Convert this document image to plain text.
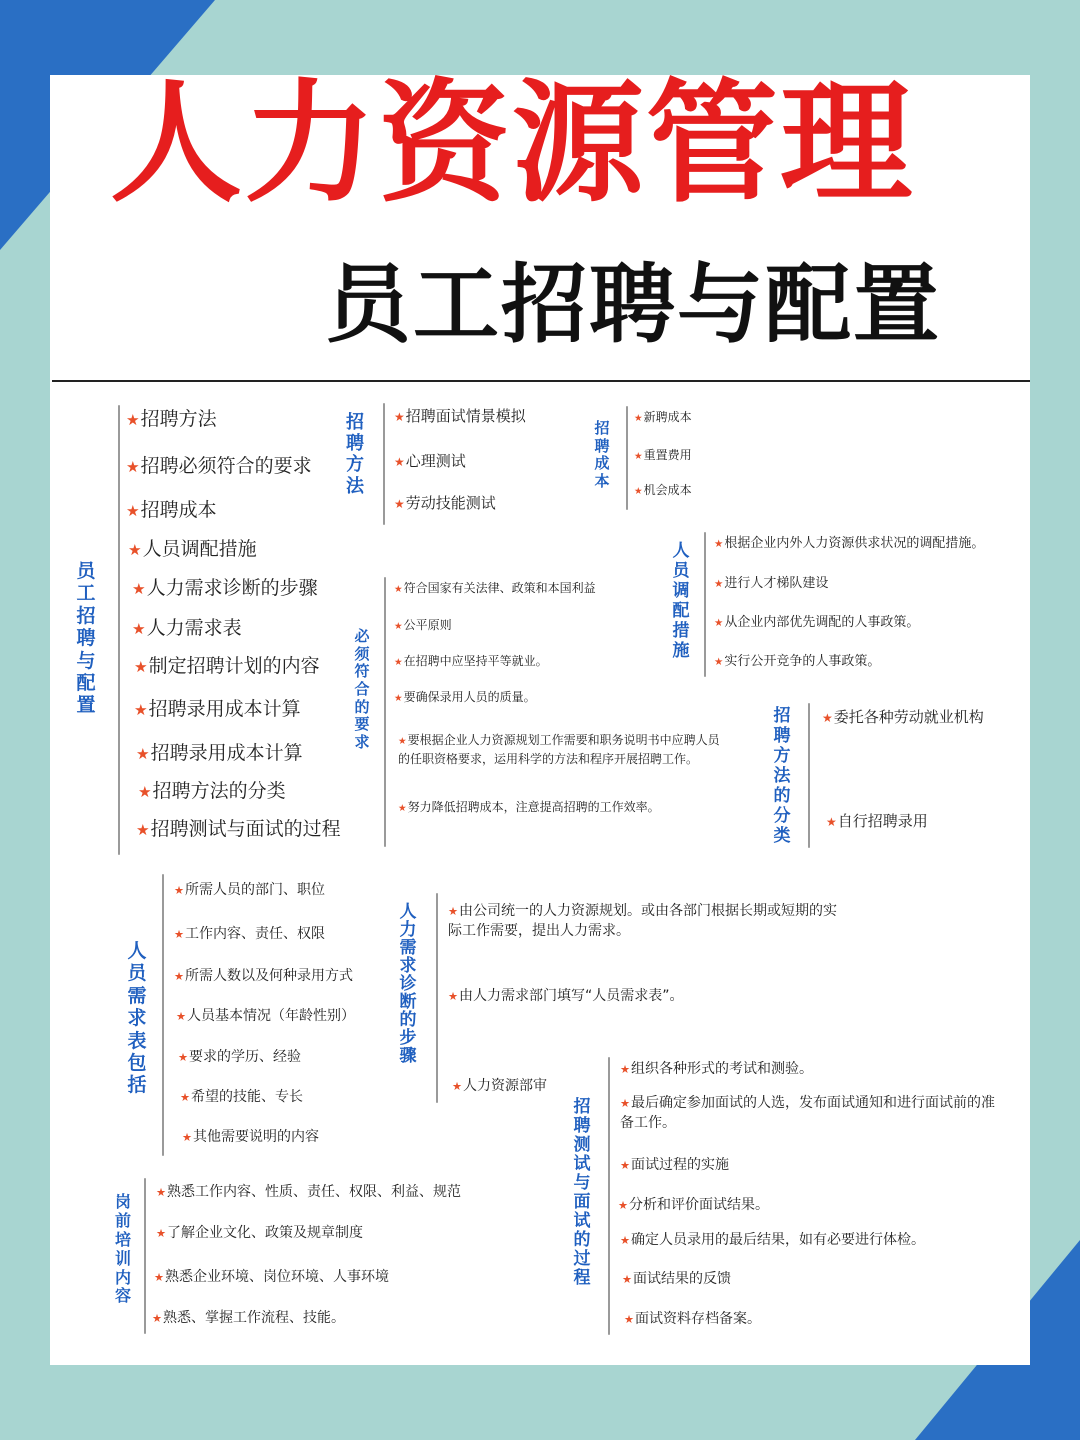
人力资源管理
员工招聘与配置
员工招聘与配置
★ 招聘方法
★ 招聘必须符合的要求
★ 招聘成本
★ 人员调配措施
★ 人力需求诊断的步骤
★ 人力需求表
★ 制定招聘计划的内容
★ 招聘录用成本计算
★ 招聘录用成本计算
★ 招聘方法的分类
★ 招聘测试与面试的过程
招聘方法
★ 招聘面试情景模拟
★ 心理测试
★ 劳动技能测试
招聘成本
★ 新聘成本
★ 重置费用
★ 机会成本
人员调配措施
★ 根据企业内外人力资源供求状况的调配措施。
★ 进行人才梯队建设
★ 从企业内部优先调配的人事政策。
★ 实行公开竞争的人事政策。
必须符合的要求
★ 符合国家有关法律、政策和本国利益
★ 公平原则
★ 在招聘中应坚持平等就业。
★ 要确保录用人员的质量。
★ 要根据企业人力资源规划工作需要和职务说明书中应聘人员的任职资格要求，运用科学的方法和程序开展招聘工作。
★ 努力降低招聘成本，注意提高招聘的工作效率。
招聘方法的分类
★ 委托各种劳动就业机构
★ 自行招聘录用
人员需求表包括
★ 所需人员的部门、职位
★ 工作内容、责任、权限
★ 所需人数以及何种录用方式
★ 人员基本情况（年龄性别）
★ 要求的学历、经验
★ 希望的技能、专长
★ 其他需要说明的内容
人力需求诊断的步骤
★ 由公司统一的人力资源规划。或由各部门根据长期或短期的实际工作需要，提出人力需求。
★ 由人力需求部门填写“人员需求表”。
★ 人力资源部审
岗前培训内容
★ 熟悉工作内容、性质、责任、权限、利益、规范
★ 了解企业文化、政策及规章制度
★ 熟悉企业环境、岗位环境、人事环境
★ 熟悉、掌握工作流程、技能。
招聘测试与面试的过程
★ 组织各种形式的考试和测验。
★ 最后确定参加面试的人选，发布面试通知和进行面试前的准备工作。
★ 面试过程的实施
★ 分析和评价面试结果。
★ 确定人员录用的最后结果，如有必要进行体检。
★ 面试结果的反馈
★ 面试资料存档备案。
